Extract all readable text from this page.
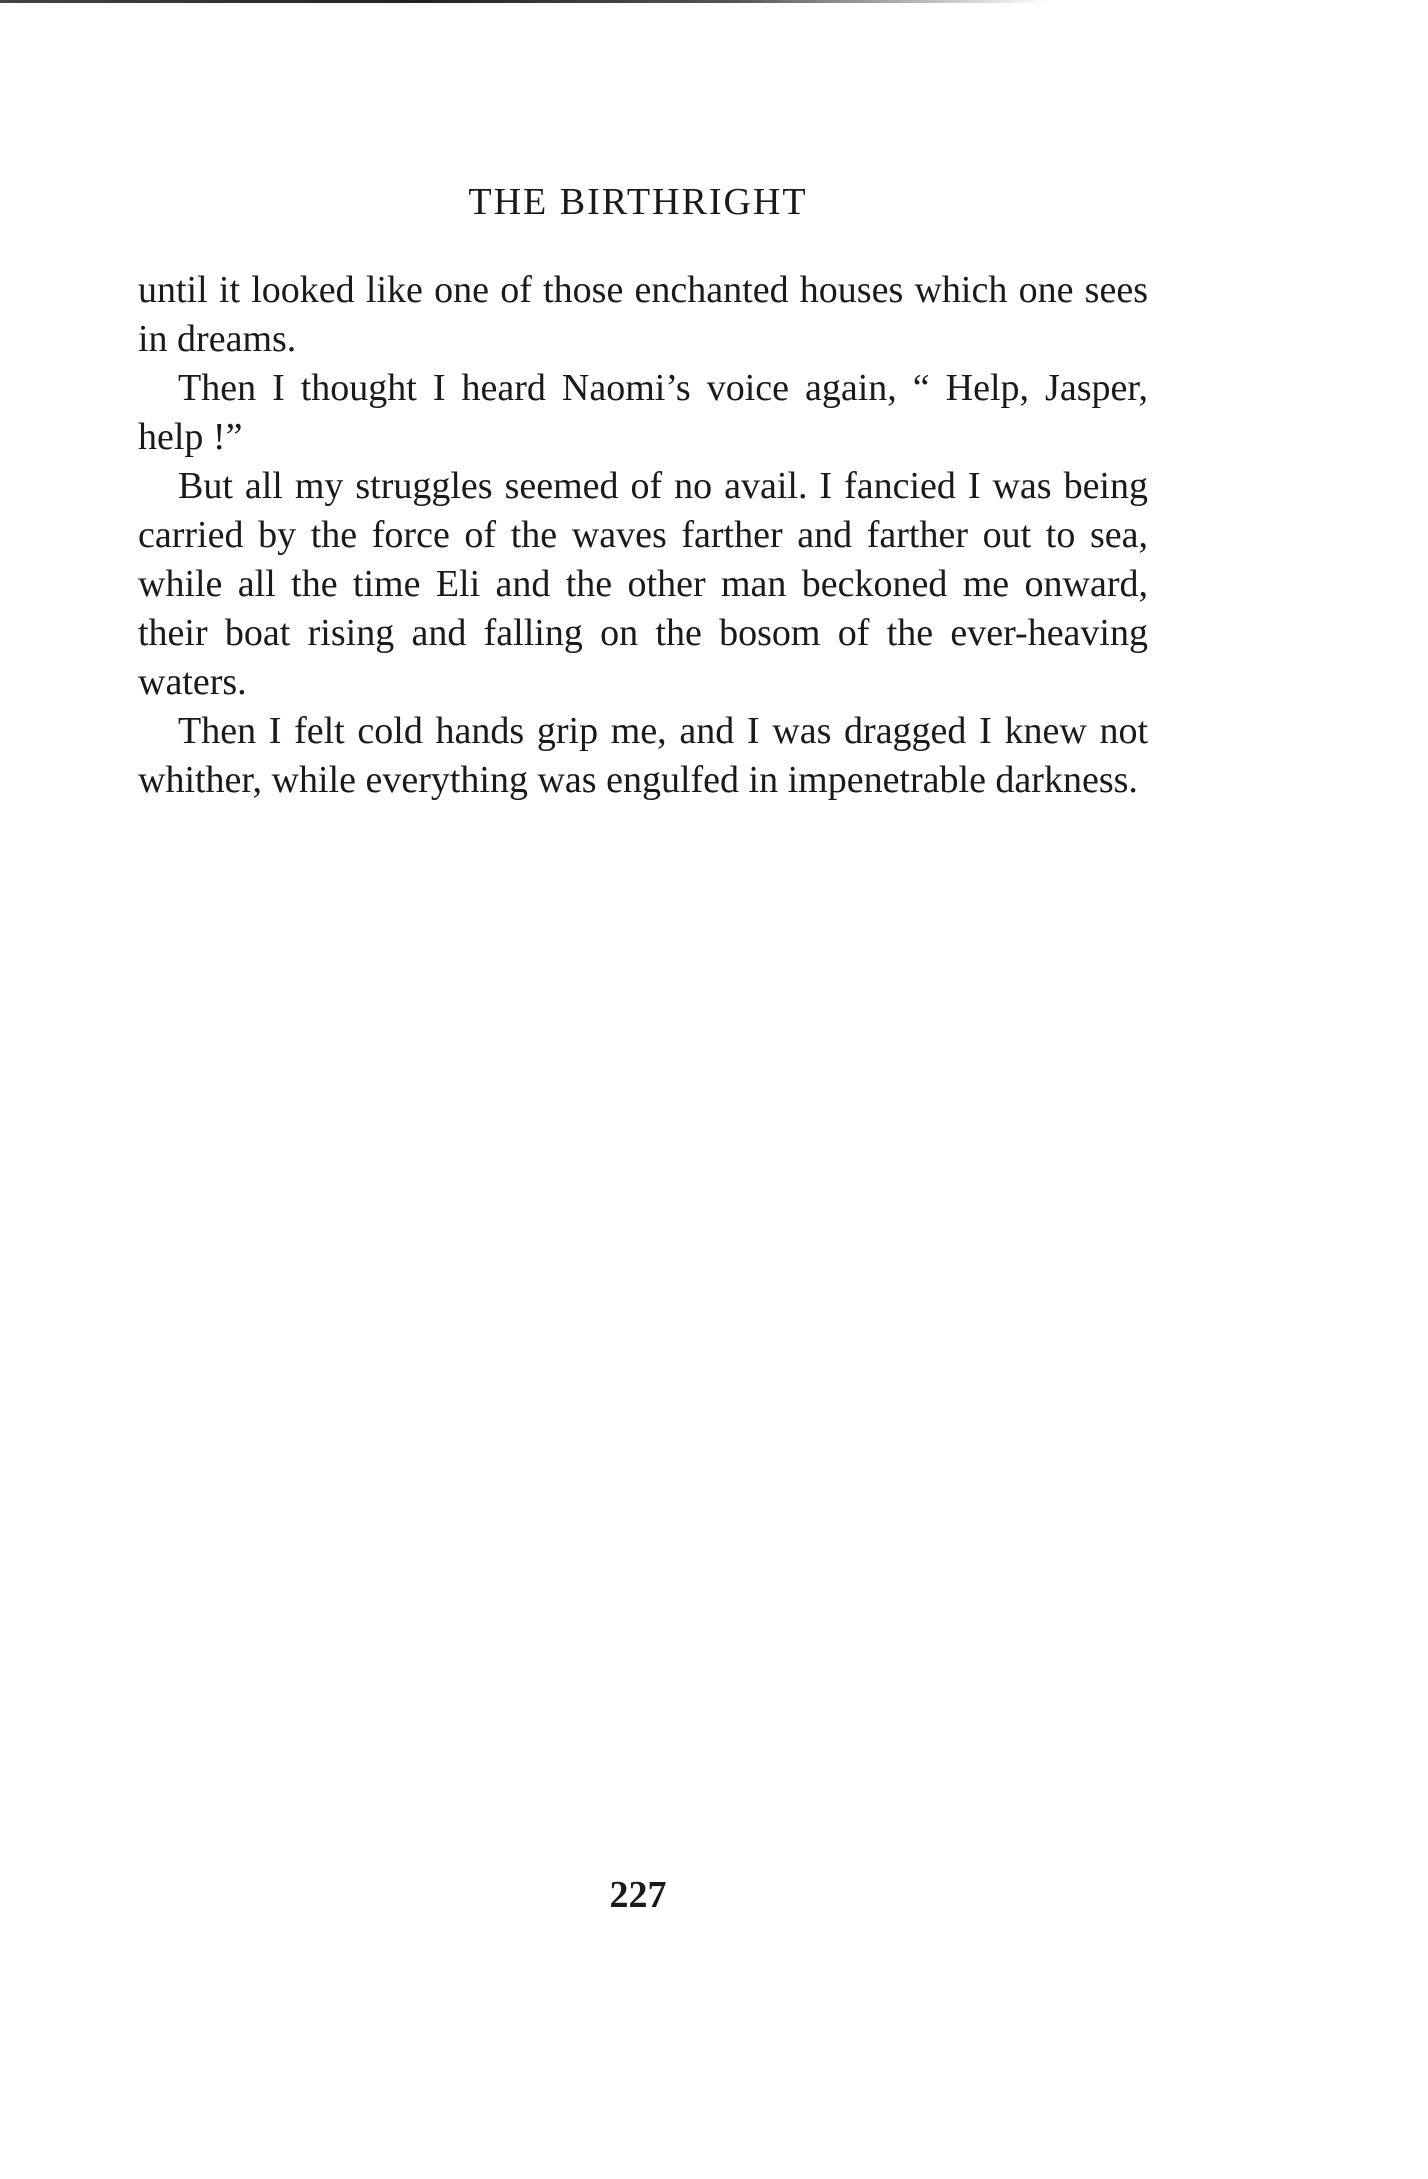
THE BIRTHRIGHT

until it looked like one of those enchanted houses which one sees in dreams.

Then I thought I heard Naomi’s voice again, “ Help, Jasper, help !”

But all my struggles seemed of no avail. I fancied I was being carried by the force of the waves farther and farther out to sea, while all the time Eli and the other man beckoned me onward, their boat rising and falling on the bosom of the ever-heaving waters.

Then I felt cold hands grip me, and I was dragged I knew not whither, while everything was engulfed in impenetrable darkness.

227
